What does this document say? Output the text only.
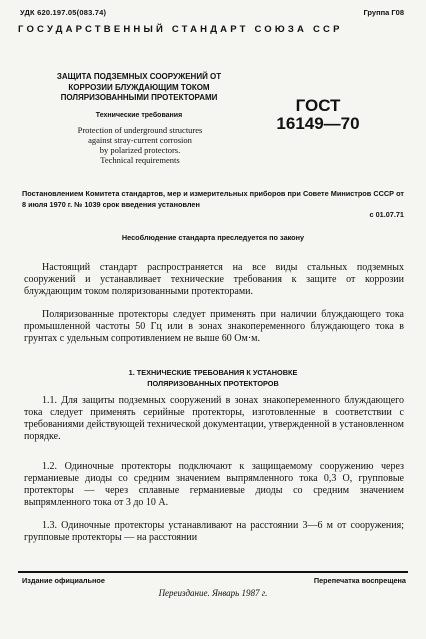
УДК 620.197.05(083.74)	Группа Г08
ГОСУДАРСТВЕННЫЙ СТАНДАРТ СОЮЗА ССР
ЗАЩИТА ПОДЗЕМНЫХ СООРУЖЕНИЙ ОТ
КОРРОЗИИ БЛУЖДАЮЩИМ ТОКОМ
ПОЛЯРИЗОВАННЫМИ ПРОТЕКТОРАМИ
Технические требования
Protection of underground structures
against stray-current corrosion
by polarized protectors.
Technical requirements
ГОСТ
16149—70
Постановлением Комитета стандартов, мер и измерительных приборов при Совете Министров СССР от 8 июля 1970 г. № 1039 срок введения установлен
с 01.07.71
Несоблюдение стандарта преследуется по закону
Настоящий стандарт распространяется на все виды стальных подземных сооружений и устанавливает технические требования к защите от коррозии блуждающим током поляризованными протекторами.
Поляризованные протекторы следует применять при наличии блуждающего тока промышленной частоты 50 Гц или в зонах знакопеременного блуждающего тока в грунтах с удельным сопротивлением не выше 60 Ом·м.
1. ТЕХНИЧЕСКИЕ ТРЕБОВАНИЯ К УСТАНОВКЕ
ПОЛЯРИЗОВАННЫХ ПРОТЕКТОРОВ
1.1. Для защиты подземных сооружений в зонах знакопеременного блуждающего тока следует применять серийные протекторы, изготовленные в соответствии с требованиями действующей технической документации, утвержденной в установленном порядке.
1.2. Одиночные протекторы подключают к защищаемому сооружению через германиевые диоды со средним значением выпрямленного тока 0,3 О, групповые протекторы — через сплавные германиевые диоды со средним значением выпрямленного тока от 3 до 10 А.
1.3. Одиночные протекторы устанавливают на расстоянии 3—6 м от сооружения; групповые протекторы — на расстоянии
Издание официальное	Перепечатка воспрещена
Переиздание. Январь 1987 г.
